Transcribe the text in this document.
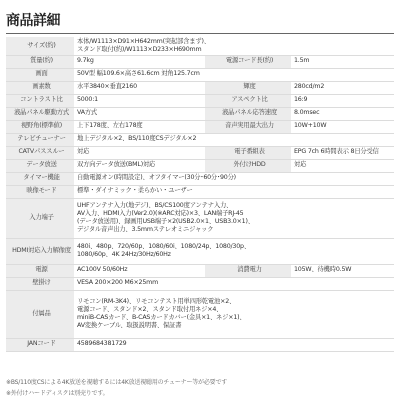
商品詳細
サイズ(約)	本体/W1113×D91×H642mm(突起部含まず)、
スタンド取付(約)/W1113×D233×H690mm		

質量(約)	9.7kg	電源コード長(約)	1.5m
画面	50V型 幅109.6×高さ61.6cm 対角125.7cm		
画素数	水平3840×垂直2160	輝度	280cd/m2
コントラスト比	5000:1	アスペクト比	16:9
液晶パネル駆動方式	VA方式	液晶パネル応答速度	8.0msec
視野角(標準値)	上下178度、左右178度	音声実用最大出力	10W+10W
テレビチューナー	地上デジタル×2、BS/110度CSデジタル×2		
CATVパススルー	対応	電子番組表	EPG 7ch 6時間表示 8日分受信
データ放送	双方向データ放送(BML)対応	外付けHDD	対応
タイマー機能	自動電源オン(時間設定)、オフタイマー(30分･60分･90分)		
映像モード	標準・ダイナミック・柔らかい・ユーザー		
入力端子	UHFアンテナ入力(地デジ)、BS/CS100度アンテナ入力、
AV入力、HDMI入力(Ver2.0)(※ARC対応)×3、LAN端子RJ-45
(データ放送用)、録画用USB端子×2(USB2.0×1、USB3.0×1)、
デジタル音声出力、3.5mmステレオミニジャック		

HDMI対応入力解像度	480i、480p、720/60p、1080/60i、1080/24p、1080/30p、
1080/60p、4K 24Hz/30Hz/60Hz		

電源	AC100V 50/60Hz	消費電力	105W、待機時0.5W
壁掛け	VESA 200×200 M6×25mm		
付属品	リモコン(RM-3K4)、リモコンテスト用単四形乾電池×2、
電源コード、スタンド×2、スタンド取付用ネジ×4、
miniB-CASカード、B-CASカードカバー(金具×1、ネジ×1)、
AV変換ケーブル、取扱説明書、保証書		

JANコード	4589684381729		
※BS/110度CSによる4K放送を視聴するには4K放送視聴用のチューナー等が必要です
※外付けハードディスクは別売りです。
